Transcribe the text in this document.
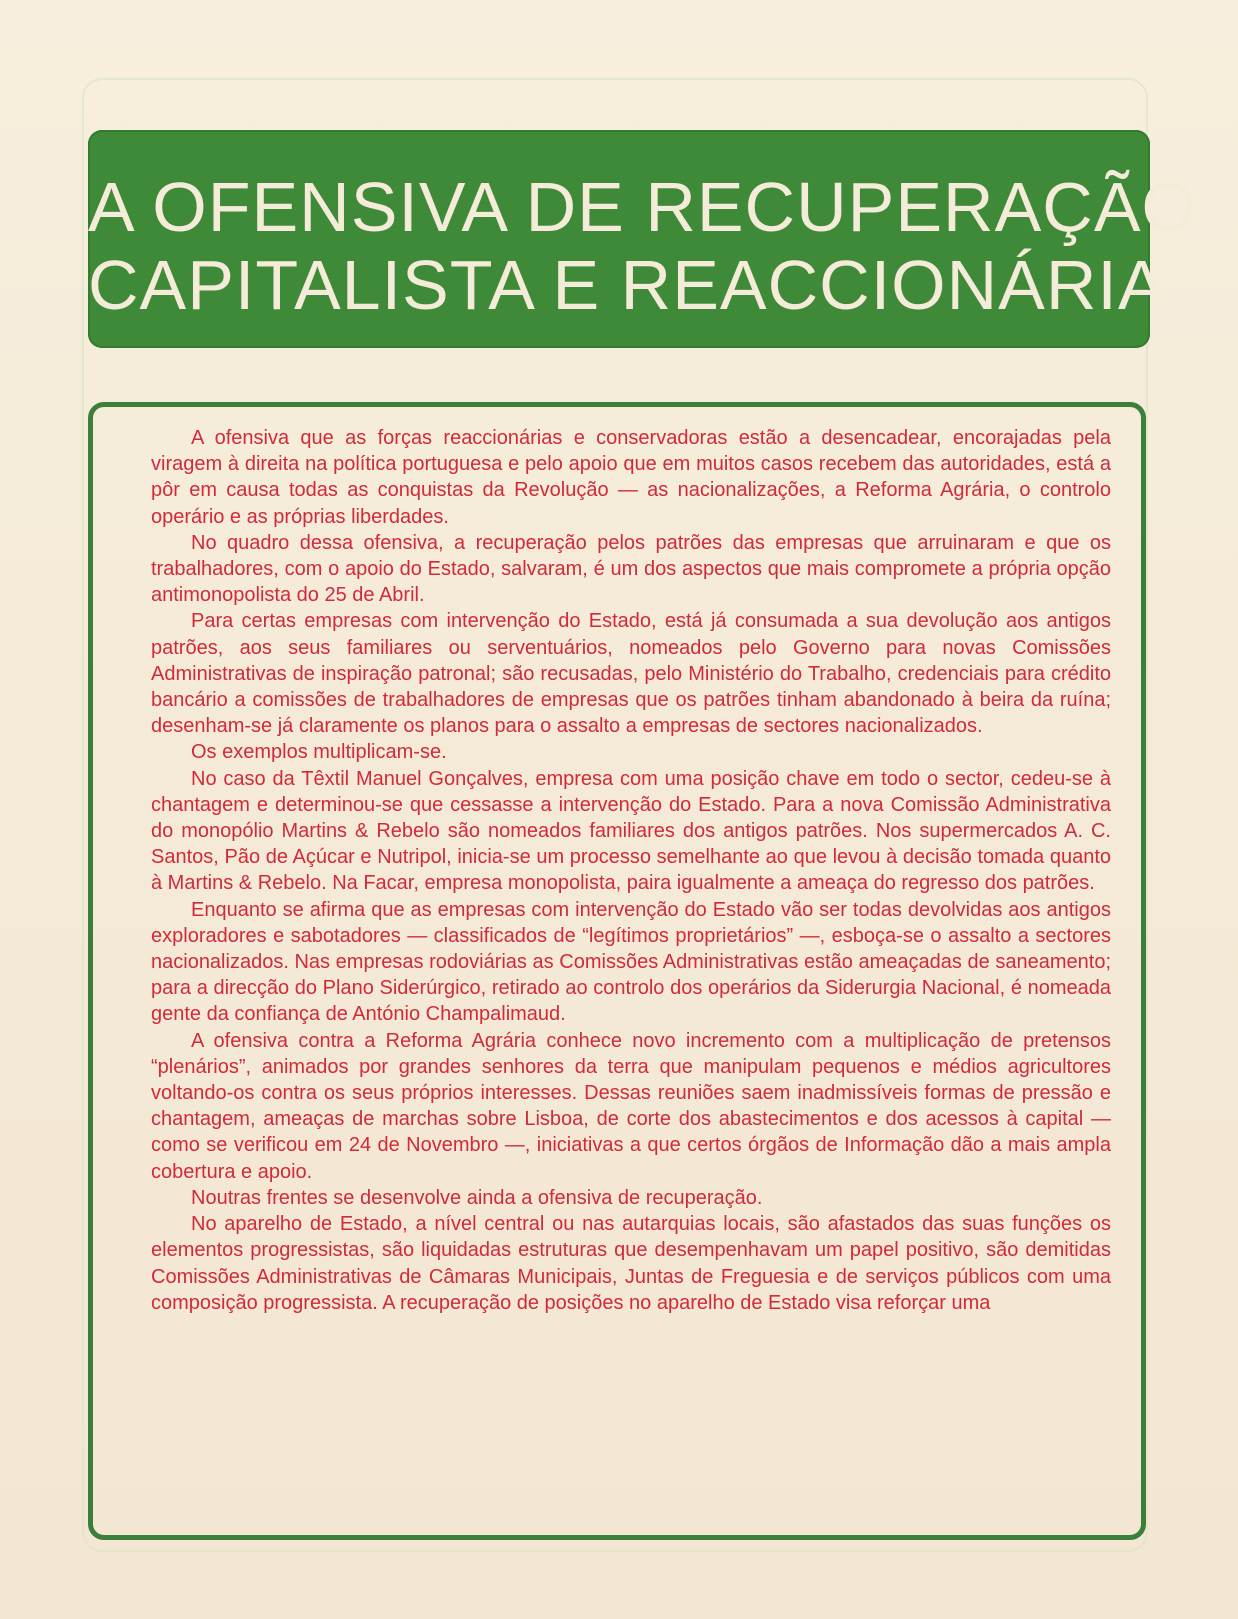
A OFENSIVA DE RECUPERAÇÃO
CAPITALISTA E REACCIONÁRIA

A ofensiva que as forças reaccionárias e conservadoras estão a desencadear, encorajadas pela viragem à direita na política portuguesa e pelo apoio que em muitos casos recebem das autoridades, está a pôr em causa todas as conquistas da Revolução — as nacionalizações, a Reforma Agrária, o controlo operário e as próprias liberdades.

No quadro dessa ofensiva, a recuperação pelos patrões das empresas que arruinaram e que os trabalhadores, com o apoio do Estado, salvaram, é um dos aspectos que mais compromete a própria opção antimonopolista do 25 de Abril.

Para certas empresas com intervenção do Estado, está já consumada a sua devolução aos antigos patrões, aos seus familiares ou serventuários, nomeados pelo Governo para novas Comissões Administrativas de inspiração patronal; são recusadas, pelo Ministério do Trabalho, credenciais para crédito bancário a comissões de trabalhadores de empresas que os patrões tinham abandonado à beira da ruína; desenham-se já claramente os planos para o assalto a empresas de sectores nacionalizados.

Os exemplos multiplicam-se.

No caso da Têxtil Manuel Gonçalves, empresa com uma posição chave em todo o sector, cedeu-se à chantagem e determinou-se que cessasse a intervenção do Estado. Para a nova Comissão Administrativa do monopólio Martins & Rebelo são nomeados familiares dos antigos patrões. Nos supermercados A. C. Santos, Pão de Açúcar e Nutripol, inicia-se um processo semelhante ao que levou à decisão tomada quanto à Martins & Rebelo. Na Facar, empresa monopolista, paira igualmente a ameaça do regresso dos patrões.

Enquanto se afirma que as empresas com intervenção do Estado vão ser todas devolvidas aos antigos exploradores e sabotadores — classificados de “legítimos proprietários” —, esboça-se o assalto a sectores nacionalizados. Nas empresas rodoviárias as Comissões Administrativas estão ameaçadas de saneamento; para a direcção do Plano Siderúrgico, retirado ao controlo dos operários da Siderurgia Nacional, é nomeada gente da confiança de António Champalimaud.

A ofensiva contra a Reforma Agrária conhece novo incremento com a multiplicação de pretensos “plenários”, animados por grandes senhores da terra que manipulam pequenos e médios agricultores voltando-os contra os seus próprios interesses. Dessas reuniões saem inadmissíveis formas de pressão e chantagem, ameaças de marchas sobre Lisboa, de corte dos abastecimentos e dos acessos à capital — como se verificou em 24 de Novembro —, iniciativas a que certos órgãos de Informação dão a mais ampla cobertura e apoio.

Noutras frentes se desenvolve ainda a ofensiva de recuperação.

No aparelho de Estado, a nível central ou nas autarquias locais, são afastados das suas funções os elementos progressistas, são liquidadas estruturas que desempenhavam um papel positivo, são demitidas Comissões Administrativas de Câmaras Municipais, Juntas de Freguesia e de serviços públicos com uma composição progressista. A recuperação de posições no aparelho de Estado visa reforçar uma
